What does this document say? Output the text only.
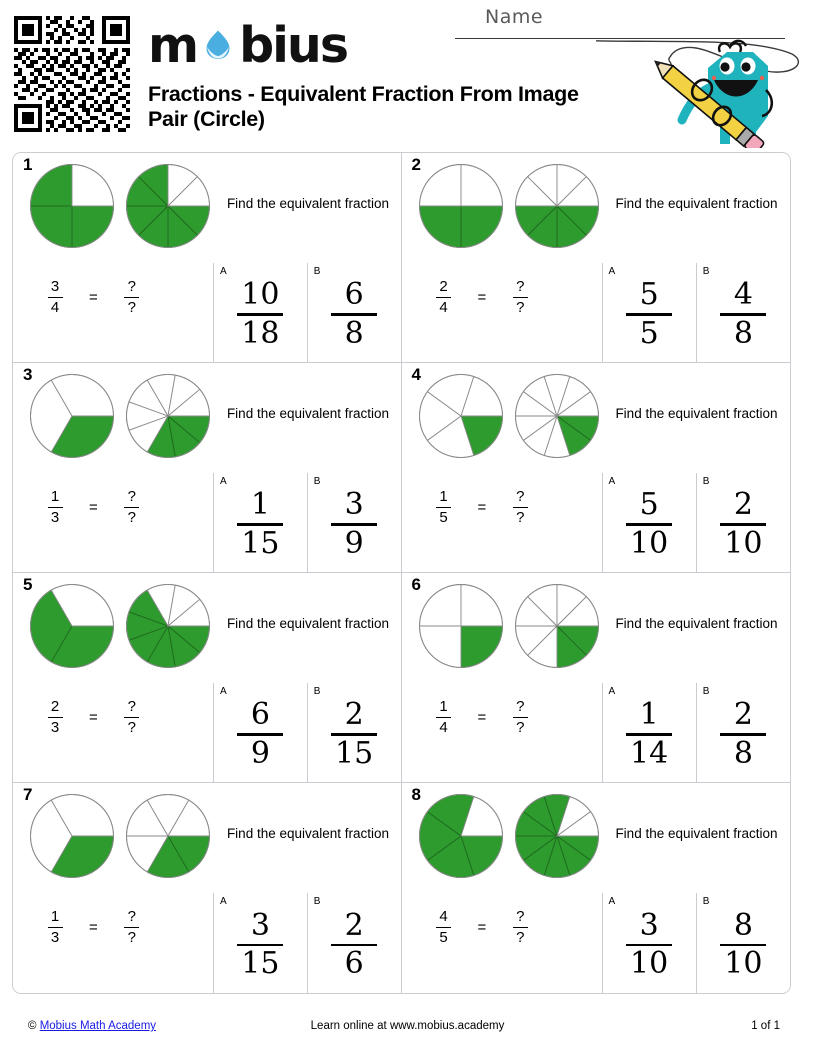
m bius
Fractions - Equivalent Fraction From Image Pair (Circle)
Name
1
Find the equivalent fraction
$\frac{3}{4} = \frac{?}{?}$
A
$\frac{10}{18}$
B
$\frac{6}{8}$
2
Find the equivalent fraction
$\frac{2}{4} = \frac{?}{?}$
A
$\frac{5}{5}$
B
$\frac{4}{8}$
3
Find the equivalent fraction
$\frac{1}{3} = \frac{?}{?}$
A
$\frac{1}{15}$
B
$\frac{3}{9}$
4
Find the equivalent fraction
$\frac{1}{5} = \frac{?}{?}$
A
$\frac{5}{10}$
B
$\frac{2}{10}$
5
Find the equivalent fraction
$\frac{2}{3} = \frac{?}{?}$
A
$\frac{6}{9}$
B
$\frac{2}{15}$
6
Find the equivalent fraction
$\frac{1}{4} = \frac{?}{?}$
A
$\frac{1}{14}$
B
$\frac{2}{8}$
7
Find the equivalent fraction
$\frac{1}{3} = \frac{?}{?}$
A
$\frac{3}{15}$
B
$\frac{2}{6}$
8
Find the equivalent fraction
$\frac{4}{5} = \frac{?}{?}$
A
$\frac{3}{10}$
B
$\frac{8}{10}$
Learn online at www.mobius.academy
© Mobius Math Academy	1 of 1
